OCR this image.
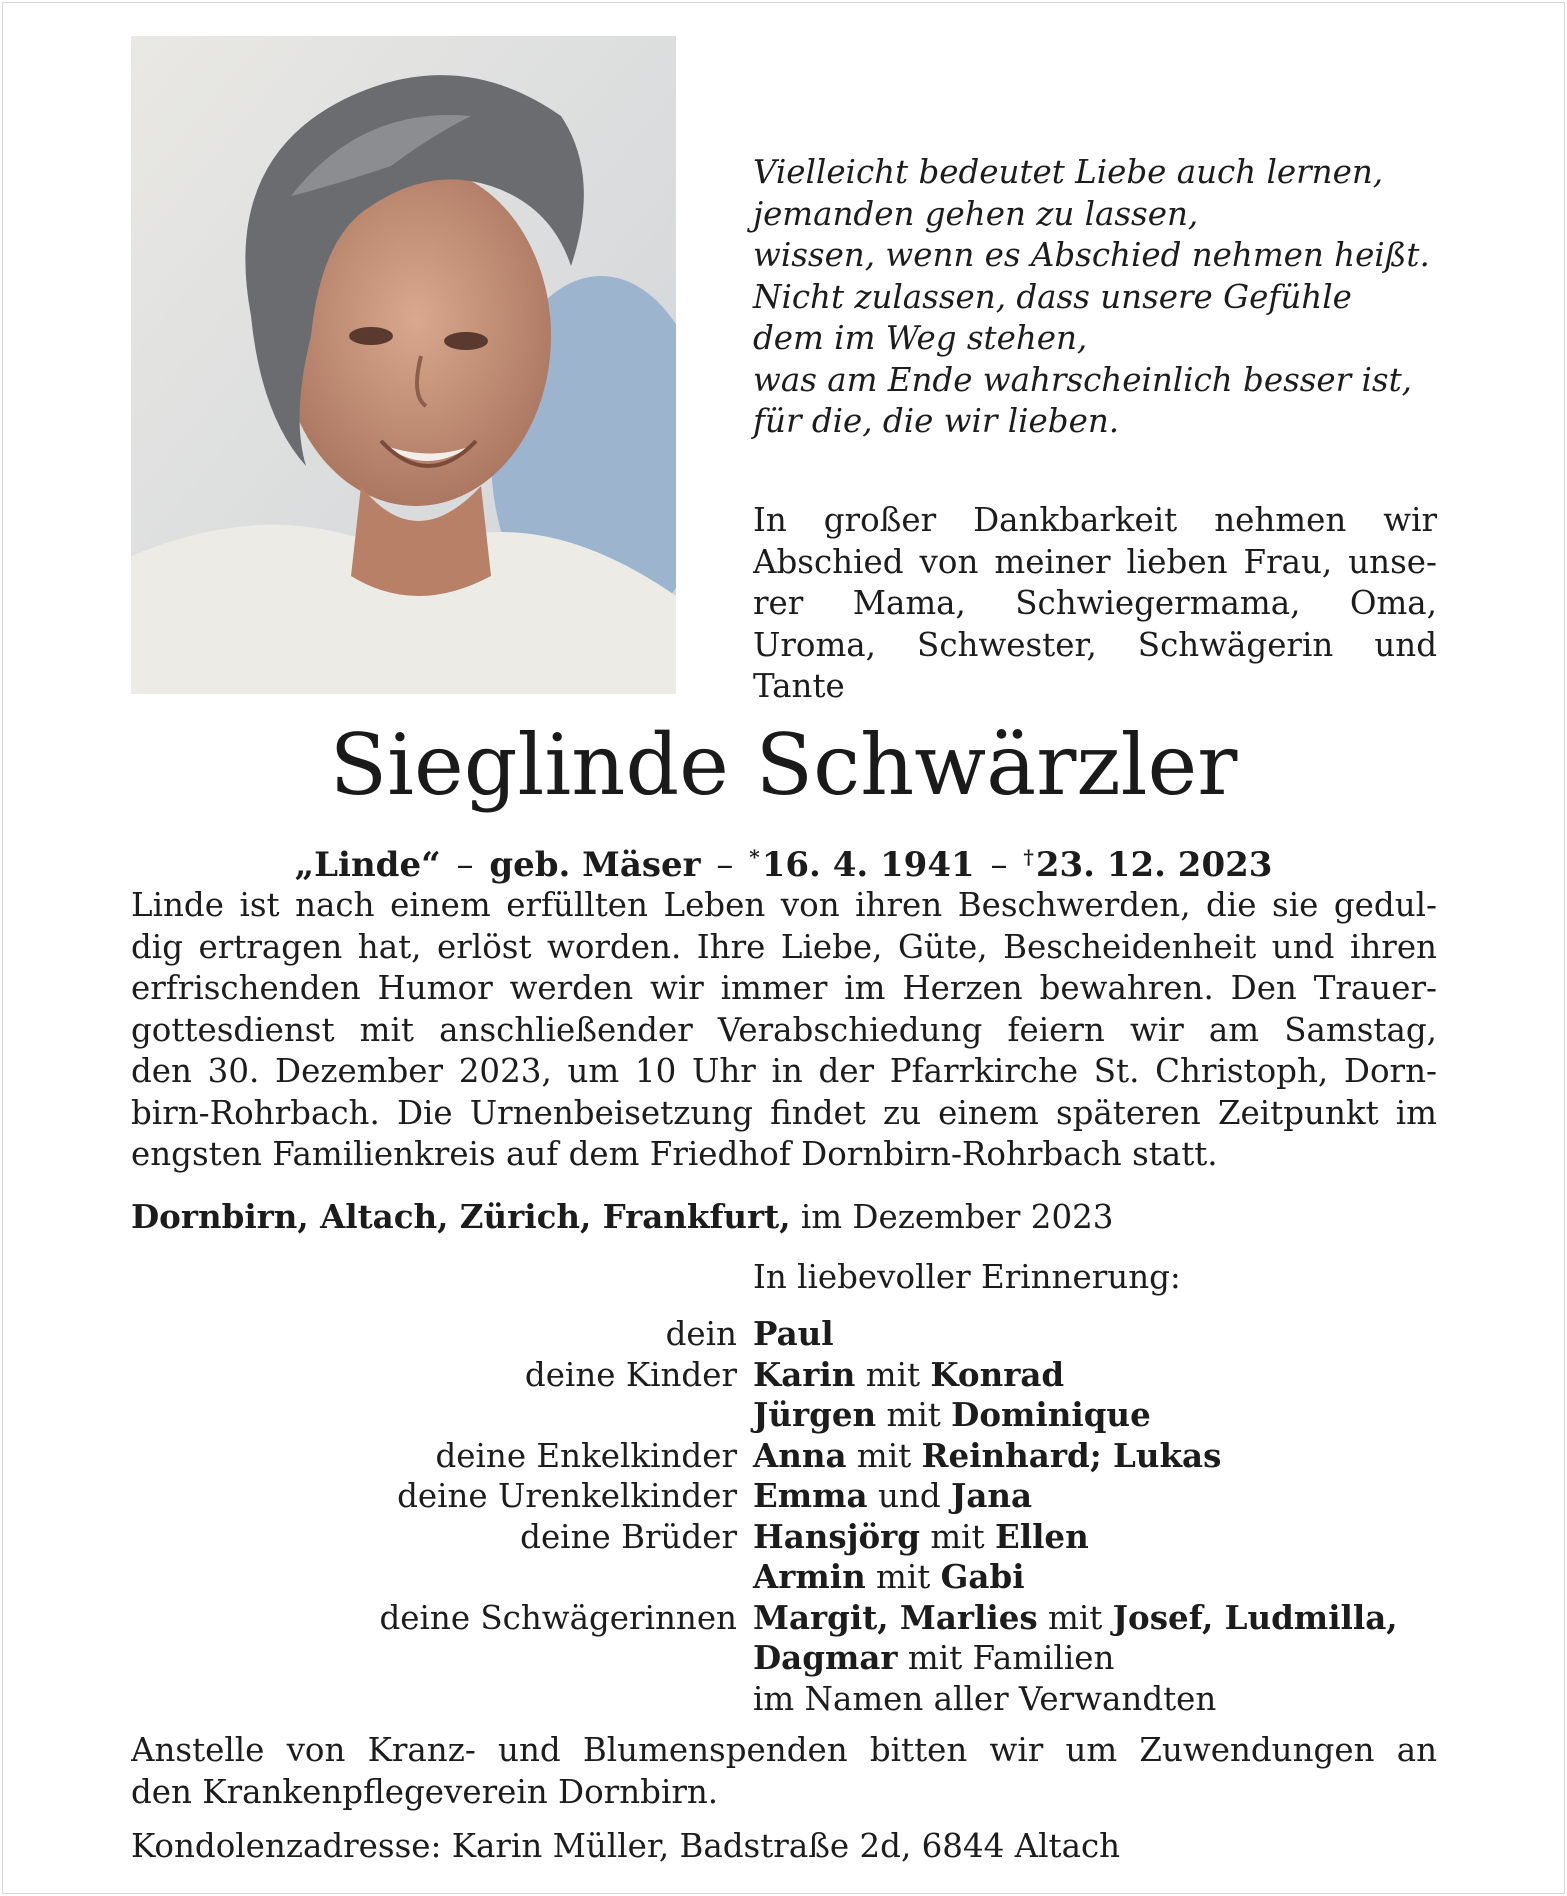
Vielleicht bedeutet Liebe auch lernen,
jemanden gehen zu lassen,
wissen, wenn es Abschied nehmen heißt.
Nicht zulassen, dass unsere Gefühle
dem im Weg stehen,
was am Ende wahrscheinlich besser ist,
für die, die wir lieben.
In großer Dankbarkeit nehmen wir
Abschied von meiner lieben Frau, unse-
rer Mama, Schwiegermama, Oma,
Uroma, Schwester, Schwägerin und
Tante
Sieglinde Schwärzler
„Linde“ – geb. Mäser – *16. 4. 1941 – †23. 12. 2023
Linde ist nach einem erfüllten Leben von ihren Beschwerden, die sie gedul-
dig ertragen hat, erlöst worden. Ihre Liebe, Güte, Bescheidenheit und ihren
erfrischenden Humor werden wir immer im Herzen bewahren. Den Trauer-
gottesdienst mit anschließender Verabschiedung feiern wir am Samstag,
den 30. Dezember 2023, um 10 Uhr in der Pfarrkirche St. Christoph, Dorn-
birn-Rohrbach. Die Urnenbeisetzung findet zu einem späteren Zeitpunkt im
engsten Familienkreis auf dem Friedhof Dornbirn-Rohrbach statt.
Dornbirn, Altach, Zürich, Frankfurt, im Dezember 2023
In liebevoller Erinnerung:
dein Paul
deine Kinder Karin mit Konrad
Jürgen mit Dominique
deine Enkelkinder Anna mit Reinhard; Lukas
deine Urenkelkinder Emma und Jana
deine Brüder Hansjörg mit Ellen
Armin mit Gabi
deine Schwägerinnen Margit, Marlies mit Josef, Ludmilla,
Dagmar mit Familien
im Namen aller Verwandten
Anstelle von Kranz- und Blumenspenden bitten wir um Zuwendungen an
den Krankenpflegeverein Dornbirn.
Kondolenzadresse: Karin Müller, Badstraße 2d, 6844 Altach
